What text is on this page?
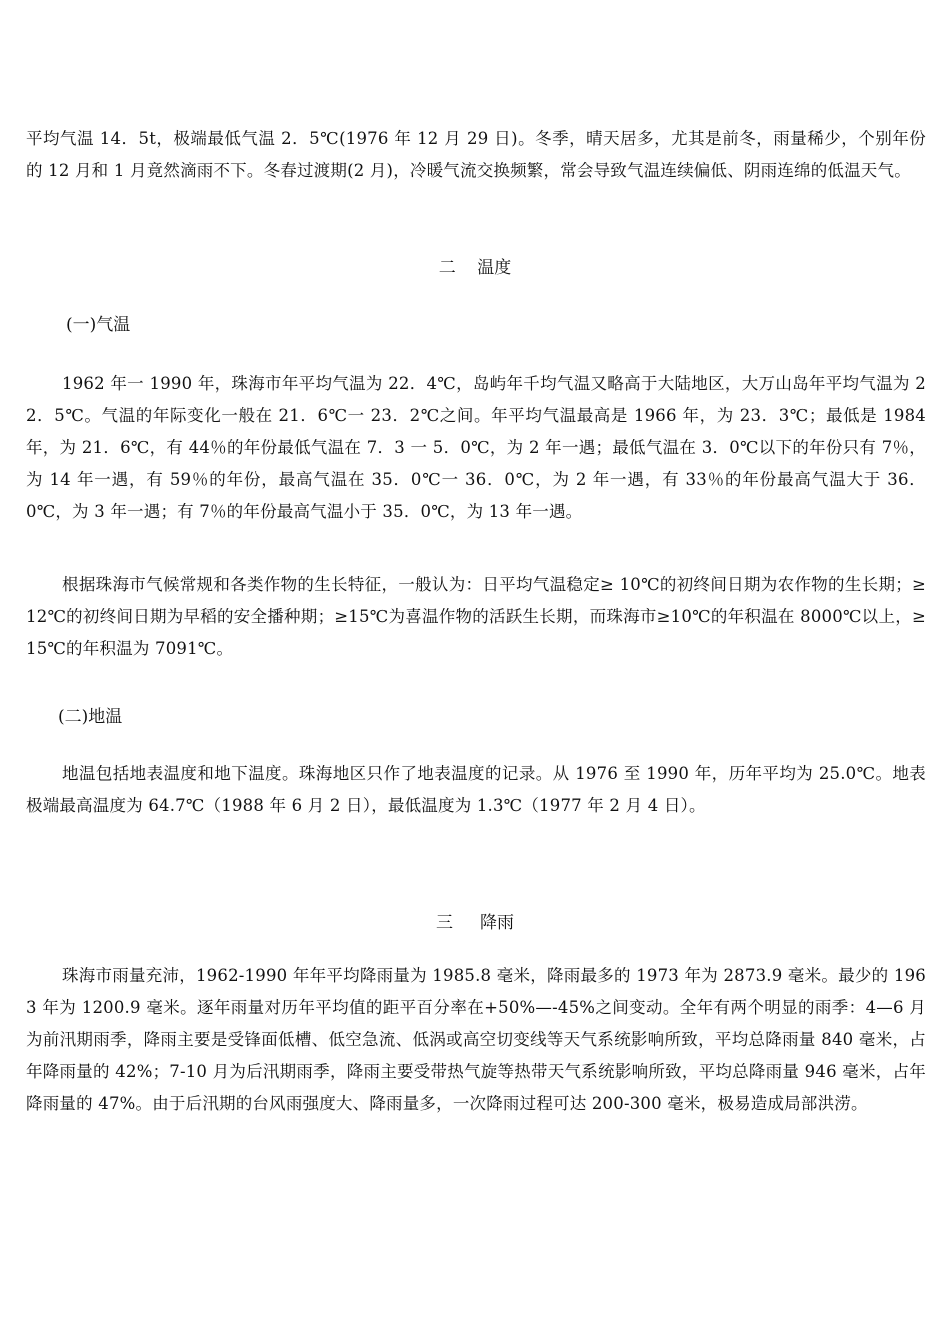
平均气温 14．5t，极端最低气温 2．5℃(1976 年 12 月 29 日)。冬季，晴天居多，尤其是前冬，雨量稀少，个别年份的 12 月和 1 月竟然滴雨不下。冬春过渡期(2 月)，冷暖气流交换频繁，常会导致气温连续偏低、阴雨连绵的低温天气。

二    温度
(一)气温

1962 年一 1990 年，珠海市年平均气温为 22．4℃，岛屿年千均气温又略高于大陆地区，大万山岛年平均气温为 22．5℃。气温的年际变化一般在 21．6℃一 23．2℃之间。年平均气温最高是 1966 年，为 23．3℃；最低是 1984 年，为 21．6℃，有 44％的年份最低气温在 7．3 一 5．0℃，为 2 年一遇；最低气温在 3．0℃以下的年份只有 7％，为 14 年一遇，有 59％的年份，最高气温在 35．0℃一 36．0℃，为 2 年一遇，有 33％的年份最高气温大于 36．0℃，为 3 年一遇；有 7％的年份最高气温小于 35．0℃，为 13 年一遇。

根据珠海市气候常规和各类作物的生长特征，一般认为：日平均气温稳定≥ 10℃的初终间日期为农作物的生长期；≥12℃的初终间日期为早稻的安全播种期；≥15℃为喜温作物的活跃生长期，而珠海市≥10℃的年积温在 8000℃以上，≥15℃的年积温为 7091℃。

(二)地温

地温包括地表温度和地下温度。珠海地区只作了地表温度的记录。从 1976 至 1990 年，历年平均为 25.0℃。地表极端最高温度为 64.7℃（1988 年 6 月 2 日），最低温度为 1.3℃（1977 年 2 月 4 日）。

三     降雨

珠海市雨量充沛，1962-1990 年年平均降雨量为 1985.8 毫米，降雨最多的 1973 年为 2873.9 毫米。最少的 1963 年为 1200.9 毫米。逐年雨量对历年平均值的距平百分率在+50%—-45%之间变动。全年有两个明显的雨季：4—6 月为前汛期雨季，降雨主要是受锋面低槽、低空急流、低涡或高空切变线等天气系统影响所致，平均总降雨量 840 毫米，占年降雨量的 42%；7-10 月为后汛期雨季，降雨主要受带热气旋等热带天气系统影响所致，平均总降雨量 946 毫米，占年降雨量的 47%。由于后汛期的台风雨强度大、降雨量多，一次降雨过程可达 200-300 毫米，极易造成局部洪涝。
